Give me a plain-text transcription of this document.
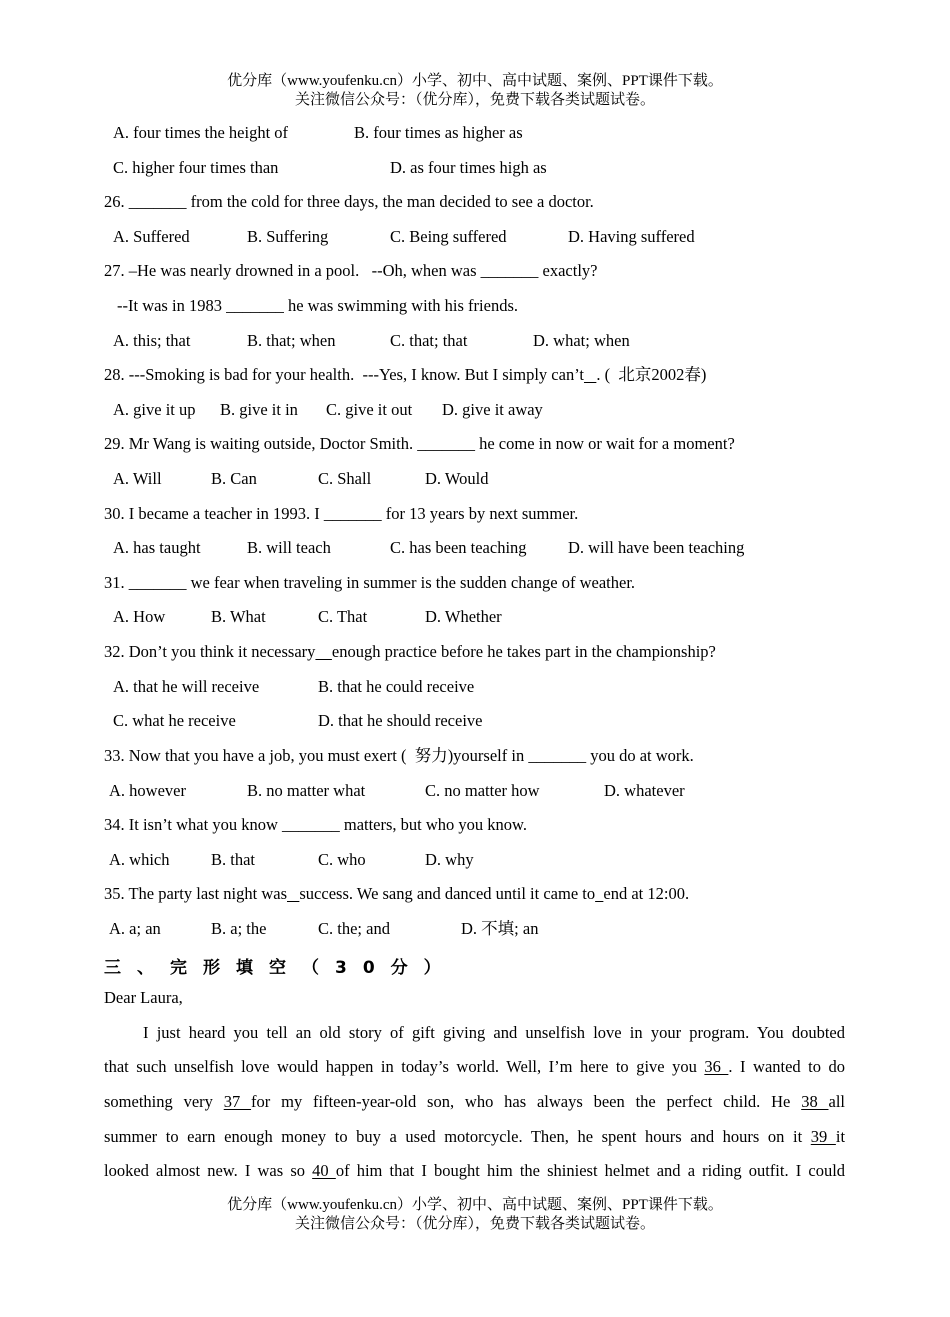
优分库（www.youfenku.cn）小学、初中、高中试题、案例、PPT课件下载。
关注微信公众号：（优分库），免费下载各类试题试卷。

A. four times the height of

	B. four times as higher as

C. higher four times than

	D. as four times high as

26. _______ from the cold for three days, the man decided to see a doctor.

A. Suffered

	B. Suffering

	C. Being suffered

	D. Having suffered

27. –He was nearly drowned in a pool.   --Oh, when was _______ exactly?

--It was in 1983 _______ he was swimming with his friends.

A. this; that

	B. that; when

	C. that; that

	D. what; when

28. ---Smoking is bad for your health.  ---Yes, I know. But I simply can’t . (  北京2002春)

A. give it up

B. give it in

C. give it out

D. give it away

29. Mr Wang is waiting outside, Doctor Smith. _______ he come in now or wait for a moment?

A. Will

	B. Can

	C. Shall

	D. Would

30. I became a teacher in 1993. I _______ for 13 years by next summer.

A. has taught

	B. will teach

	C. has been teaching

	D. will have been teaching

31. _______ we fear when traveling in summer is the sudden change of weather.

A. How

	B. What

	C. That

	D. Whether

32. Don’t you think it necessary enough practice before he takes part in the championship?

A. that he will receive

	B. that he could receive

C. what he receive

	D. that he should receive

33. Now that you have a job, you must exert (  努力)yourself in _______ you do at work.

A. however

	B. no matter what

	C. no matter how

	D. whatever

34. It isn’t what you know _______ matters, but who you know.

A. which

	B. that

	C. who

	D. why

35. The party last night was success. We sang and danced until it came to end at 12:00.

A. a; an

	B. a; the

	C. the; and

	D. 不填; an

三、完形填空（30分）
Dear Laura,
I just heard you tell an old story of gift giving and unselfish love in your program. You doubted
that such unselfish love would happen in today’s world. Well, I’m here to give you 36 . I wanted to do
something very 37 for my fifteen-year-old son, who has always been the perfect child. He 38 all
summer to earn enough money to buy a used motorcycle. Then, he spent hours and hours on it 39 it
looked almost new. I was so 40 of him that I bought him the shiniest helmet and a riding outfit. I could
优分库（www.youfenku.cn）小学、初中、高中试题、案例、PPT课件下载。
关注微信公众号：（优分库），免费下载各类试题试卷。
